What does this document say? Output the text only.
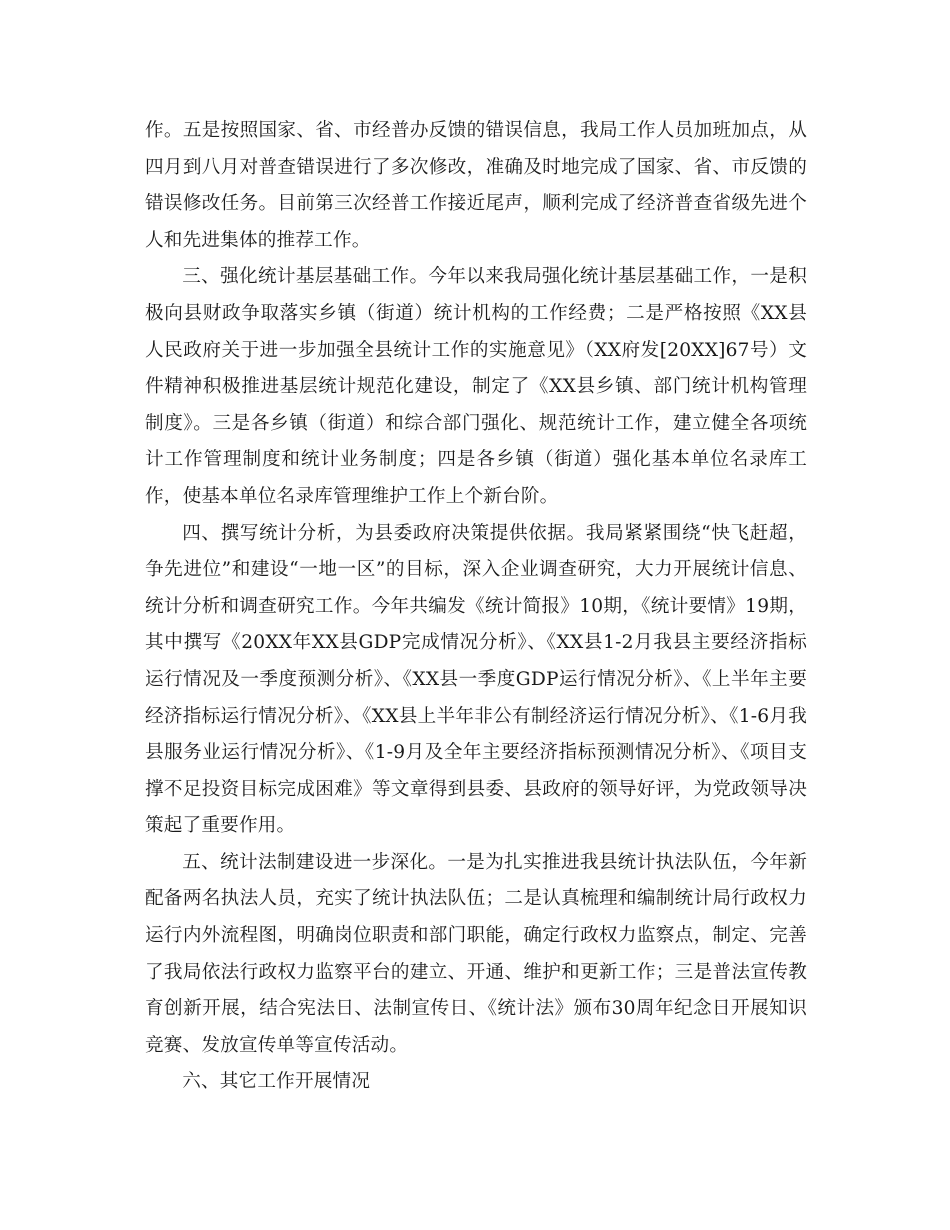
作。五是按照国家、省、市经普办反馈的错误信息，我局工作人员加班加点，从四月到八月对普查错误进行了多次修改，准确及时地完成了国家、省、市反馈的错误修改任务。目前第三次经普工作接近尾声，顺利完成了经济普查省级先进个人和先进集体的推荐工作。

三、强化统计基层基础工作。今年以来我局强化统计基层基础工作，一是积极向县财政争取落实乡镇（街道）统计机构的工作经费；二是严格按照《XX县人民政府关于进一步加强全县统计工作的实施意见》（XX府发[20XX]67号）文件精神积极推进基层统计规范化建设，制定了《XX县乡镇、部门统计机构管理制度》。三是各乡镇（街道）和综合部门强化、规范统计工作，建立健全各项统计工作管理制度和统计业务制度；四是各乡镇（街道）强化基本单位名录库工作，使基本单位名录库管理维护工作上个新台阶。

四、撰写统计分析，为县委政府决策提供依据。我局紧紧围绕“快飞赶超，争先进位”和建设“一地一区”的目标，深入企业调查研究，大力开展统计信息、统计分析和调查研究工作。今年共编发《统计简报》10期，《统计要情》19期，其中撰写《20XX年XX县GDP完成情况分析》、《XX县1-2月我县主要经济指标运行情况及一季度预测分析》、《XX县一季度GDP运行情况分析》、《上半年主要经济指标运行情况分析》、《XX县上半年非公有制经济运行情况分析》、《1-6月我县服务业运行情况分析》、《1-9月及全年主要经济指标预测情况分析》、《项目支撑不足投资目标完成困难》等文章得到县委、县政府的领导好评，为党政领导决策起了重要作用。

五、统计法制建设进一步深化。一是为扎实推进我县统计执法队伍，今年新配备两名执法人员，充实了统计执法队伍；二是认真梳理和编制统计局行政权力运行内外流程图，明确岗位职责和部门职能，确定行政权力监察点，制定、完善了我局依法行政权力监察平台的建立、开通、维护和更新工作；三是普法宣传教育创新开展，结合宪法日、法制宣传日、《统计法》颁布30周年纪念日开展知识竞赛、发放宣传单等宣传活动。

六、其它工作开展情况
